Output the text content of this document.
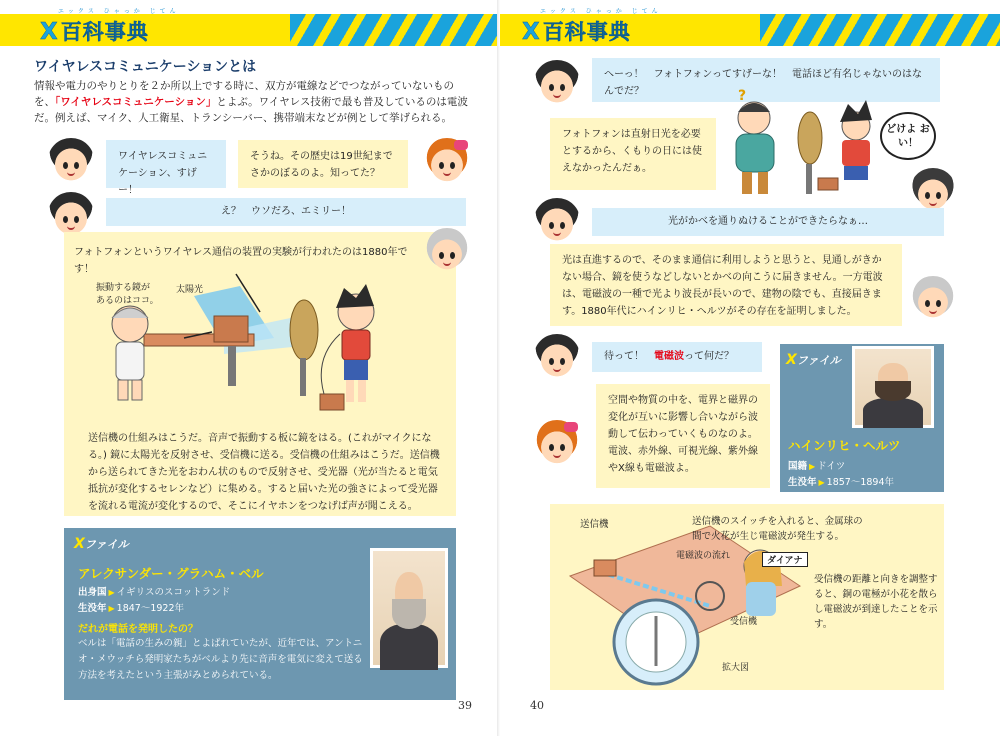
エックス ひゃっか じてん
X百科事典
ワイヤレスコミュニケーションとは
情報や電力のやりとりを２か所以上でする時に、双方が電線などでつながっていないものを、「ワイヤレスコミュニケーション」とよぶ。ワイヤレス技術で最も普及しているのは電波だ。例えば、マイク、人工衛星、トランシーバー、携帯端末などが例として挙げられる。
ワイヤレスコミュニケーション、すげー！
そうね。その歴史は19世紀までさかのぼるのよ。知ってた？
え？　ウソだろ、エミリー！
フォトフォンというワイヤレス通信の装置の実験が行われたのは1880年です！
振動する鏡が
あるのはココ。
太陽光
送信機の仕組みはこうだ。音声で振動する板に鏡をはる。(これがマイクになる。) 鏡に太陽光を反射させ、受信機に送る。受信機の仕組みはこうだ。送信機から送られてきた光をおわん状のもので反射させ、受光器（光が当たると電気抵抗が変化するセレンなど）に集める。すると届いた光の強さによって受光器を流れる電流が変化するので、そこにイヤホンをつなげば声が聞こえる。
Xファイル
アレクサンダー・グラハム・ベル
出身国 ▶ イギリスのスコットランド
生没年 ▶ 1847～1922年
だれが電話を発明したの？
ベルは「電話の生みの親」とよばれていたが、近年では、アントニオ・メウッチら発明家たちがベルより先に音声を電気に変えて送る方法を考えたという主張がみとめられている。
39
エックス ひゃっか じてん
X百科事典
へーっ！　フォトフォンってすげーな！　電話ほど有名じゃないのはなんでだ？
フォトフォンは直射日光を必要とするから、くもりの日には使えなかったんだぁ。
?
どけよ おい！
光がかべを通りぬけることができたらなぁ…
光は直進するので、そのまま通信に利用しようと思うと、見通しがきかない場合、鏡を使うなどしないとかべの向こうに届きません。一方電波は、電磁波の一種で光より波長が長いので、建物の陰でも、直接届きます。1880年代にハインリヒ・ヘルツがその存在を証明しました。
待って！　電磁波って何だ？
空間や物質の中を、電界と磁界の変化が互いに影響し合いながら波動して伝わっていくものなのよ。電波、赤外線、可視光線、紫外線やX線も電磁波よ。
Xファイル
ハインリヒ・ヘルツ
国籍 ▶ ドイツ
生没年 ▶ 1857～1894年
送信機	送信機のスイッチを入れると、金属球の間で火花が生じ電磁波が発生する。
電磁波の流れ	ダイアナ
受信機の距離と向きを調整すると、銅の電極が小花を散らし電磁波が到達したことを示す。
受信機
拡大図
40
